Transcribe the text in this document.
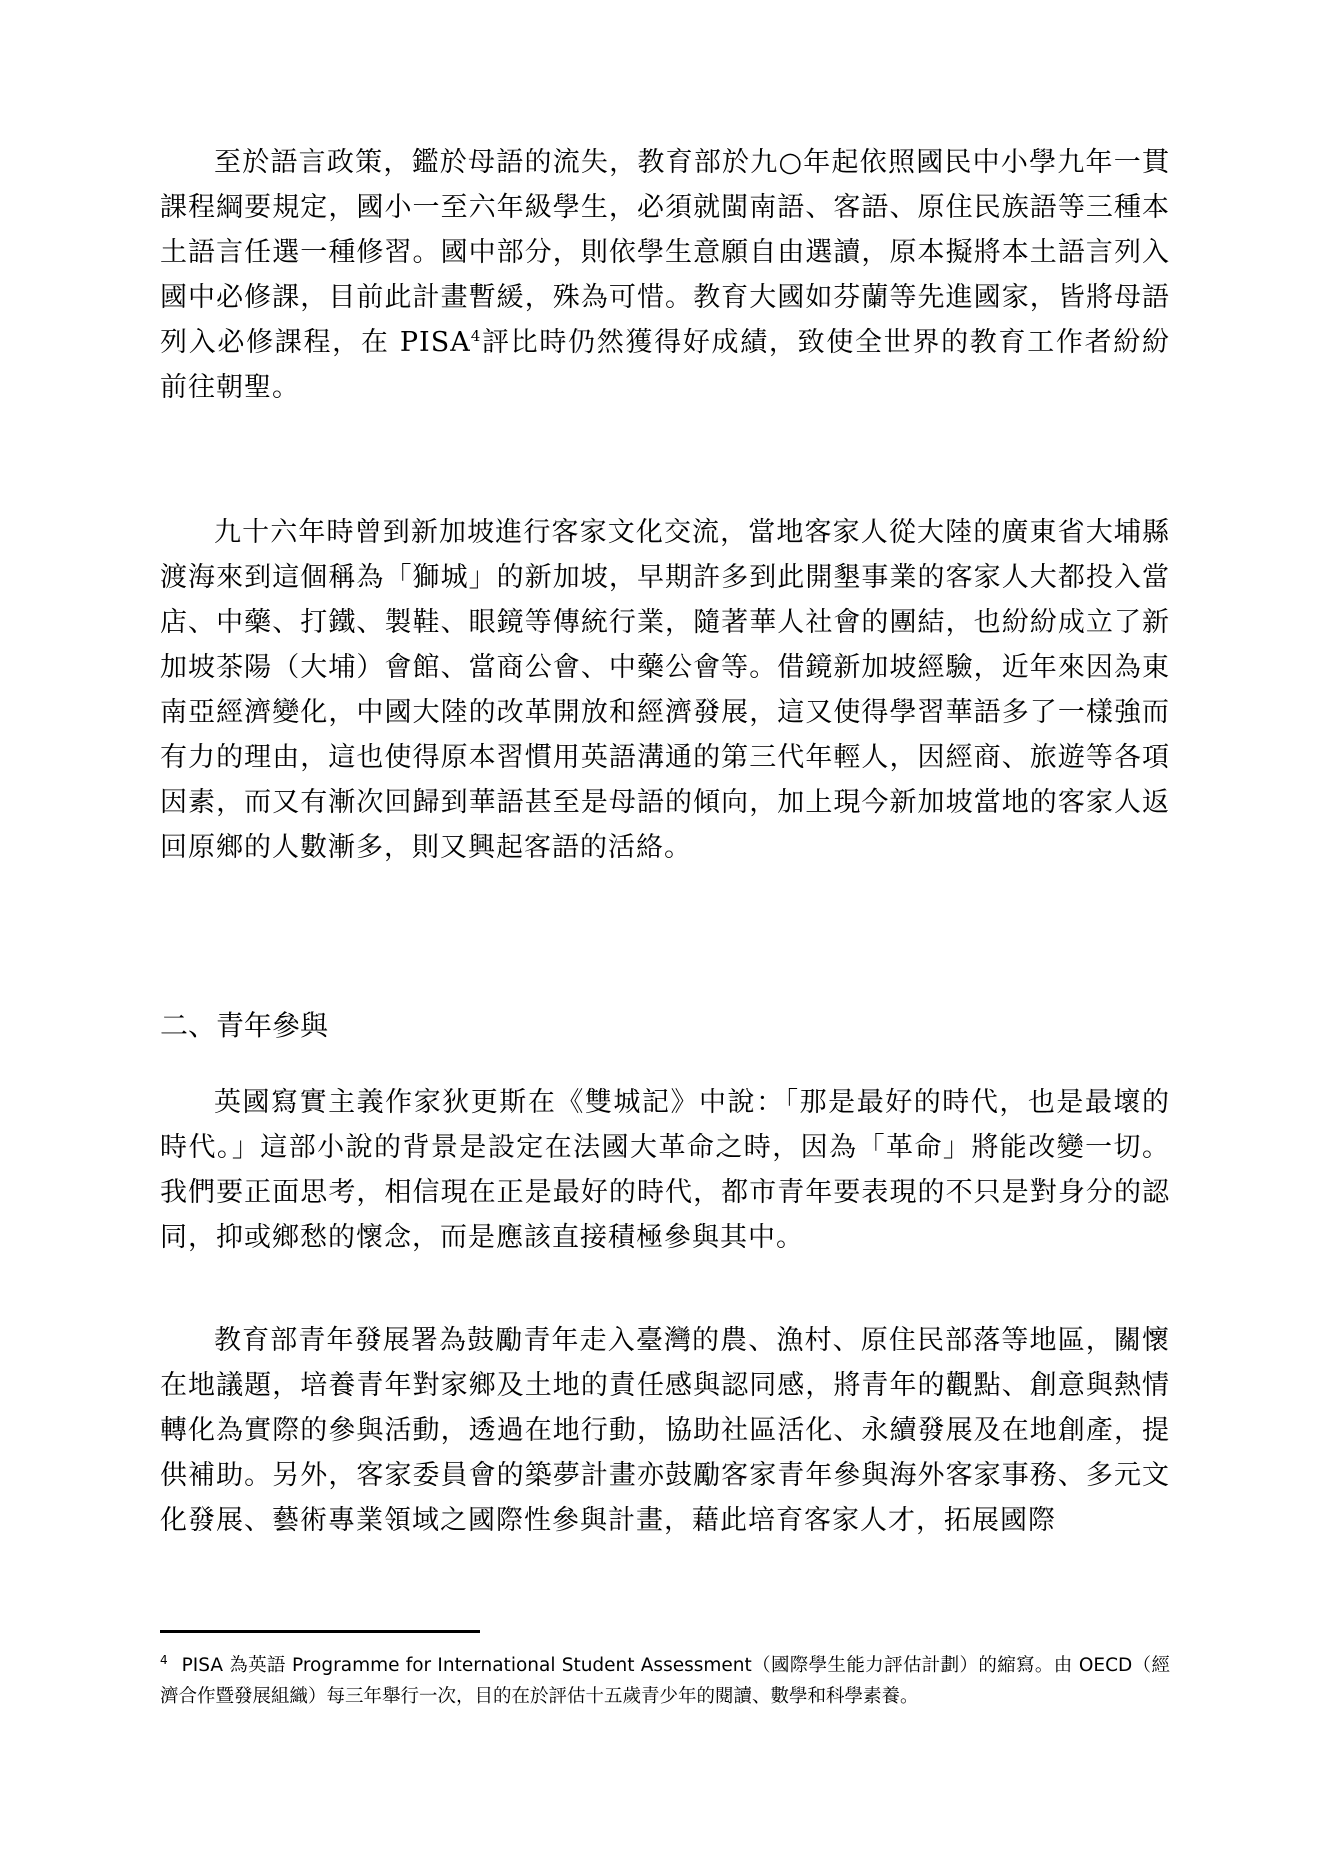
至於語言政策，鑑於母語的流失，教育部於九○年起依照國民中小學九年一貫課程綱要規定，國小一至六年級學生，必須就閩南語、客語、原住民族語等三種本土語言任選一種修習。國中部分，則依學生意願自由選讀，原本擬將本土語言列入國中必修課，目前此計畫暫緩，殊為可惜。教育大國如芬蘭等先進國家，皆將母語列入必修課程，在 PISA$^4$評比時仍然獲得好成績，致使全世界的教育工作者紛紛前往朝聖。

九十六年時曾到新加坡進行客家文化交流，當地客家人從大陸的廣東省大埔縣渡海來到這個稱為「獅城」的新加坡，早期許多到此開墾事業的客家人大都投入當店、中藥、打鐵、製鞋、眼鏡等傳統行業，隨著華人社會的團結，也紛紛成立了新加坡茶陽（大埔）會館、當商公會、中藥公會等。借鏡新加坡經驗，近年來因為東南亞經濟變化，中國大陸的改革開放和經濟發展，這又使得學習華語多了一樣強而有力的理由，這也使得原本習慣用英語溝通的第三代年輕人，因經商、旅遊等各項因素，而又有漸次回歸到華語甚至是母語的傾向，加上現今新加坡當地的客家人返回原鄉的人數漸多，則又興起客語的活絡。

二、青年參與

英國寫實主義作家狄更斯在《雙城記》中說：「那是最好的時代，也是最壞的時代。」這部小說的背景是設定在法國大革命之時，因為「革命」將能改變一切。我們要正面思考，相信現在正是最好的時代，都市青年要表現的不只是對身分的認同，抑或鄉愁的懷念，而是應該直接積極參與其中。

教育部青年發展署為鼓勵青年走入臺灣的農、漁村、原住民部落等地區，關懷在地議題，培養青年對家鄉及土地的責任感與認同感，將青年的觀點、創意與熱情轉化為實際的參與活動，透過在地行動，協助社區活化、永續發展及在地創產，提供補助。另外，客家委員會的築夢計畫亦鼓勵客家青年參與海外客家事務、多元文化發展、藝術專業領域之國際性參與計畫，藉此培育客家人才，拓展國際

$^4$ PISA 為英語 Programme for International Student Assessment（國際學生能力評估計劃）的縮寫。由 OECD（經濟合作暨發展組織）每三年舉行一次，目的在於評估十五歲青少年的閱讀、數學和科學素養。
